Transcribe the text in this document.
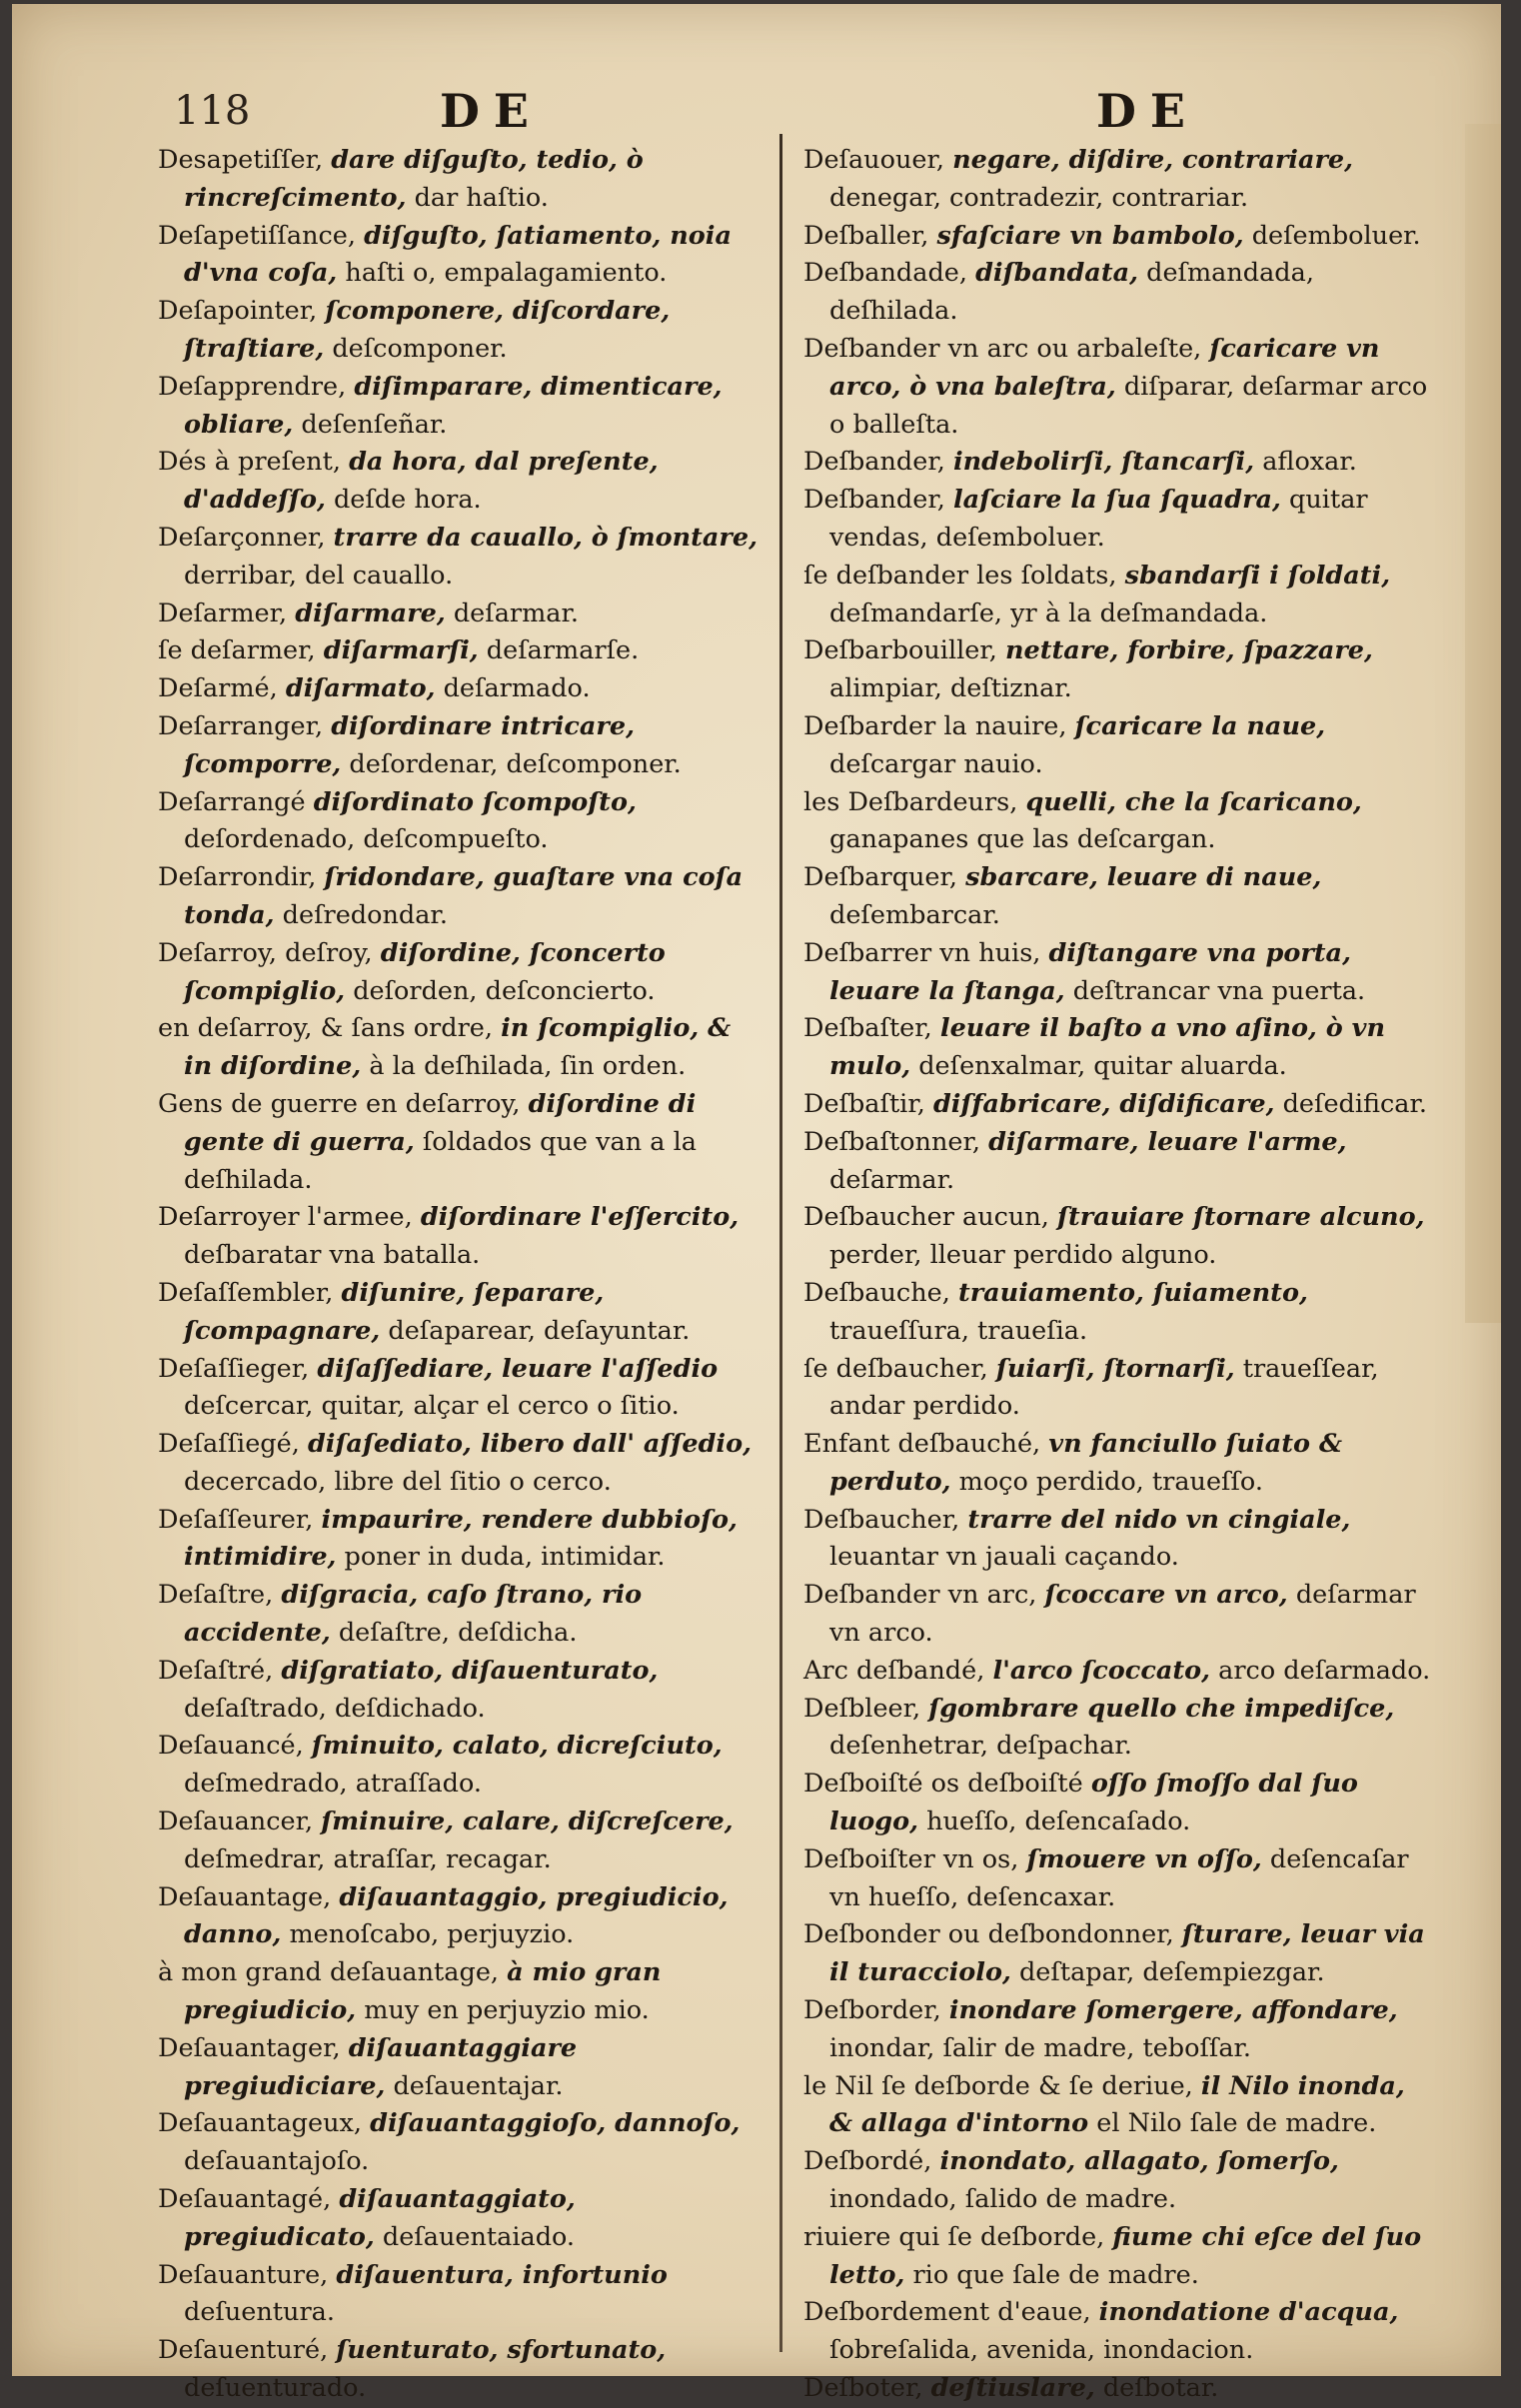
118	DE	DE
Desapetiſſer, dare diſguſto, tedio, ò rincreſcimento, dar haſtio.
Deſapetiſſance, diſguſto, ſatiamento, noia d'vna coſa, haſti o, empalagamiento.
Deſapointer, ſcomponere, diſcordare, ſtraſtiare, deſcomponer.
Deſapprendre, diſimparare, dimenticare, obliare, deſenſeñar.
Dés à preſent, da hora, dal preſente, d'addeſſo, deſde hora.
Deſarçonner, trarre da cauallo, ò ſmontare, derribar, del cauallo.
Deſarmer, diſarmare, deſarmar.
ſe deſarmer, diſarmarſi, deſarmarſe.
Deſarmé, diſarmato, deſarmado.
Deſarranger, diſordinare intricare, ſcomporre, deſordenar, deſcomponer.
Deſarrangé diſordinato ſcompoſto, deſordenado, deſcompueſto.
Deſarrondir, ſridondare, guaſtare vna coſa tonda, deſredondar.
Deſarroy, deſroy, diſordine, ſconcerto ſcompiglio, deſorden, deſconcierto.
en deſarroy, & ſans ordre, in ſcompiglio, & in diſordine, à la deſhilada, ſin orden.
Gens de guerre en deſarroy, diſordine di gente di guerra, ſoldados que van a la deſhilada.
Deſarroyer l'armee, diſordinare l'eſſercito, deſbaratar vna batalla.
Deſaſſembler, diſunire, ſeparare, ſcompagnare, deſaparear, deſayuntar.
Deſaſſieger, diſaſſediare, leuare l'aſſedio deſcercar, quitar, alçar el cerco o ſitio.
Deſaſſiegé, diſaſediato, libero dall' aſſedio, decercado, libre del ſitio o cerco.
Deſaſſeurer, impaurire, rendere dubbioſo, intimidire, poner in duda, intimidar.
Deſaſtre, diſgracia, caſo ſtrano, rio accidente, deſaſtre, deſdicha.
Deſaſtré, diſgratiato, diſauenturato, deſaſtrado, deſdichado.
Deſauancé, ſminuito, calato, dicreſciuto, deſmedrado, atraſſado.
Deſauancer, ſminuire, calare, diſcreſcere, deſmedrar, atraſſar, recagar.
Deſauantage, diſauantaggio, pregiudicio, danno, menoſcabo, perjuyzio.
à mon grand deſauantage, à mio gran pregiudicio, muy en perjuyzio mio.
Deſauantager, diſauantaggiare pregiudiciare, deſauentajar.
Deſauantageux, diſauantaggioſo, dannoſo, deſauantajoſo.
Deſauantagé, diſauantaggiato, pregiudicato, deſauentaiado.
Deſauanture, diſauentura, infortunio deſuentura.
Deſauenturé, ſuenturato, sfortunato, deſuenturado.
Deſauouer, negare, diſdire, contrariare, denegar, contradezir, contrariar.
Deſballer, sfaſciare vn bambolo, deſemboluer.
Deſbandade, diſbandata, deſmandada, deſhilada.
Deſbander vn arc ou arbaleſte, ſcaricare vn arco, ò vna baleſtra, diſparar, deſarmar arco o balleſta.
Deſbander, indebolirſi, ſtancarſi, afloxar.
Deſbander, laſciare la ſua ſquadra, quitar vendas, deſemboluer.
ſe deſbander les ſoldats, sbandarſi i ſoldati, deſmandarſe, yr à la deſmandada.
Deſbarbouiller, nettare, forbire, ſpazzare, alimpiar, deſtiznar.
Deſbarder la nauire, ſcaricare la naue, deſcargar nauio.
les Deſbardeurs, quelli, che la ſcaricano, ganapanes que las deſcargan.
Deſbarquer, sbarcare, leuare di naue, deſembarcar.
Deſbarrer vn huis, diſtangare vna porta, leuare la ſtanga, deſtrancar vna puerta.
Deſbaſter, leuare il baſto a vno aſino, ò vn mulo, deſenxalmar, quitar aluarda.
Deſbaſtir, diſfabricare, diſdificare, deſedificar.
Deſbaſtonner, diſarmare, leuare l'arme, deſarmar.
Deſbaucher aucun, ſtrauiare ſtornare alcuno, perder, lleuar perdido alguno.
Deſbauche, trauiamento, ſuiamento, traueſſura, traueſia.
ſe deſbaucher, ſuiarſi, ſtornarſi, traueſſear, andar perdido.
Enfant deſbauché, vn fanciullo ſuiato & perduto, moço perdido, traueſſo.
Deſbaucher, trarre del nido vn cingiale, leuantar vn jauali caçando.
Deſbander vn arc, ſcoccare vn arco, deſarmar vn arco.
Arc deſbandé, l'arco ſcoccato, arco deſarmado.
Deſbleer, ſgombrare quello che impediſce, deſenhetrar, deſpachar.
Deſboiſté os deſboiſté oſſo ſmoſſo dal ſuo luogo, hueſſo, deſencaſado.
Deſboiſter vn os, ſmouere vn oſſo, deſencaſar vn hueſſo, deſencaxar.
Deſbonder ou deſbondonner, ſturare, leuar via il turacciolo, deſtapar, deſempiezgar.
Deſborder, inondare ſomergere, affondare, inondar, ſalir de madre, teboſſar.
le Nil ſe deſborde & ſe deriue, il Nilo inonda, & allaga d'intorno el Nilo ſale de madre.
Deſbordé, inondato, allagato, ſomerſo, inondado, ſalido de madre.
riuiere qui ſe deſborde, fiume chi eſce del ſuo letto, rio que ſale de madre.
Deſbordement d'eaue, inondatione d'acqua, ſobreſalida, avenida, inondacion.
Deſboter, deſtiuslare, deſbotar.
